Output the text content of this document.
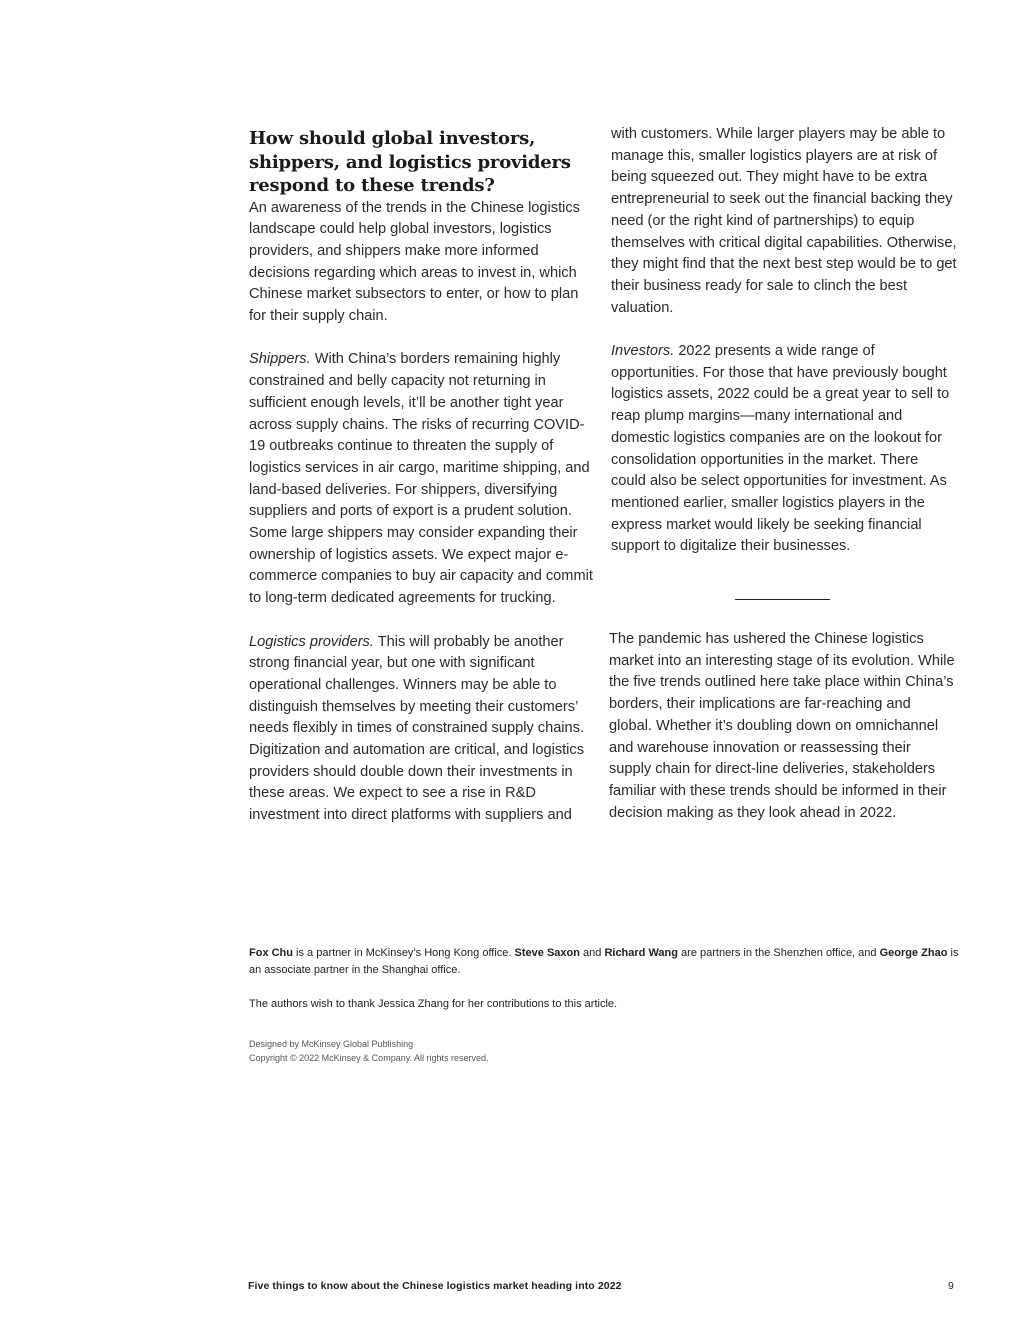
How should global investors, shippers, and logistics providers respond to these trends?

An awareness of the trends in the Chinese logistics landscape could help global investors, logistics providers, and shippers make more informed decisions regarding which areas to invest in, which Chinese market subsectors to enter, or how to plan for their supply chain.

Shippers. With China’s borders remaining highly constrained and belly capacity not returning in sufficient enough levels, it’ll be another tight year across supply chains. The risks of recurring COVID-19 outbreaks continue to threaten the supply of logistics services in air cargo, maritime shipping, and land-based deliveries. For shippers, diversifying suppliers and ports of export is a prudent solution. Some large shippers may consider expanding their ownership of logistics assets. We expect major e-commerce companies to buy air capacity and commit to long-term dedicated agreements for trucking.

Logistics providers. This will probably be another strong financial year, but one with significant operational challenges. Winners may be able to distinguish themselves by meeting their customers’ needs flexibly in times of constrained supply chains. Digitization and automation are critical, and logistics providers should double down their investments in these areas. We expect to see a rise in R&D investment into direct platforms with suppliers and

with customers. While larger players may be able to manage this, smaller logistics players are at risk of being squeezed out. They might have to be extra entrepreneurial to seek out the financial backing they need (or the right kind of partnerships) to equip themselves with critical digital capabilities. Otherwise, they might find that the next best step would be to get their business ready for sale to clinch the best valuation.

Investors. 2022 presents a wide range of opportunities. For those that have previously bought logistics assets, 2022 could be a great year to sell to reap plump margins—many international and domestic logistics companies are on the lookout for consolidation opportunities in the market. There could also be select opportunities for investment. As mentioned earlier, smaller logistics players in the express market would likely be seeking financial support to digitalize their businesses.

The pandemic has ushered the Chinese logistics market into an interesting stage of its evolution. While the five trends outlined here take place within China’s borders, their implications are far-reaching and global. Whether it’s doubling down on omnichannel and warehouse innovation or reassessing their supply chain for direct-line deliveries, stakeholders familiar with these trends should be informed in their decision making as they look ahead in 2022.

Fox Chu is a partner in McKinsey’s Hong Kong office. Steve Saxon and Richard Wang are partners in the Shenzhen office, and George Zhao is an associate partner in the Shanghai office.

The authors wish to thank Jessica Zhang for her contributions to this article.

Designed by McKinsey Global Publishing
Copyright © 2022 McKinsey & Company. All rights reserved.
Five things to know about the Chinese logistics market heading into 2022	9
